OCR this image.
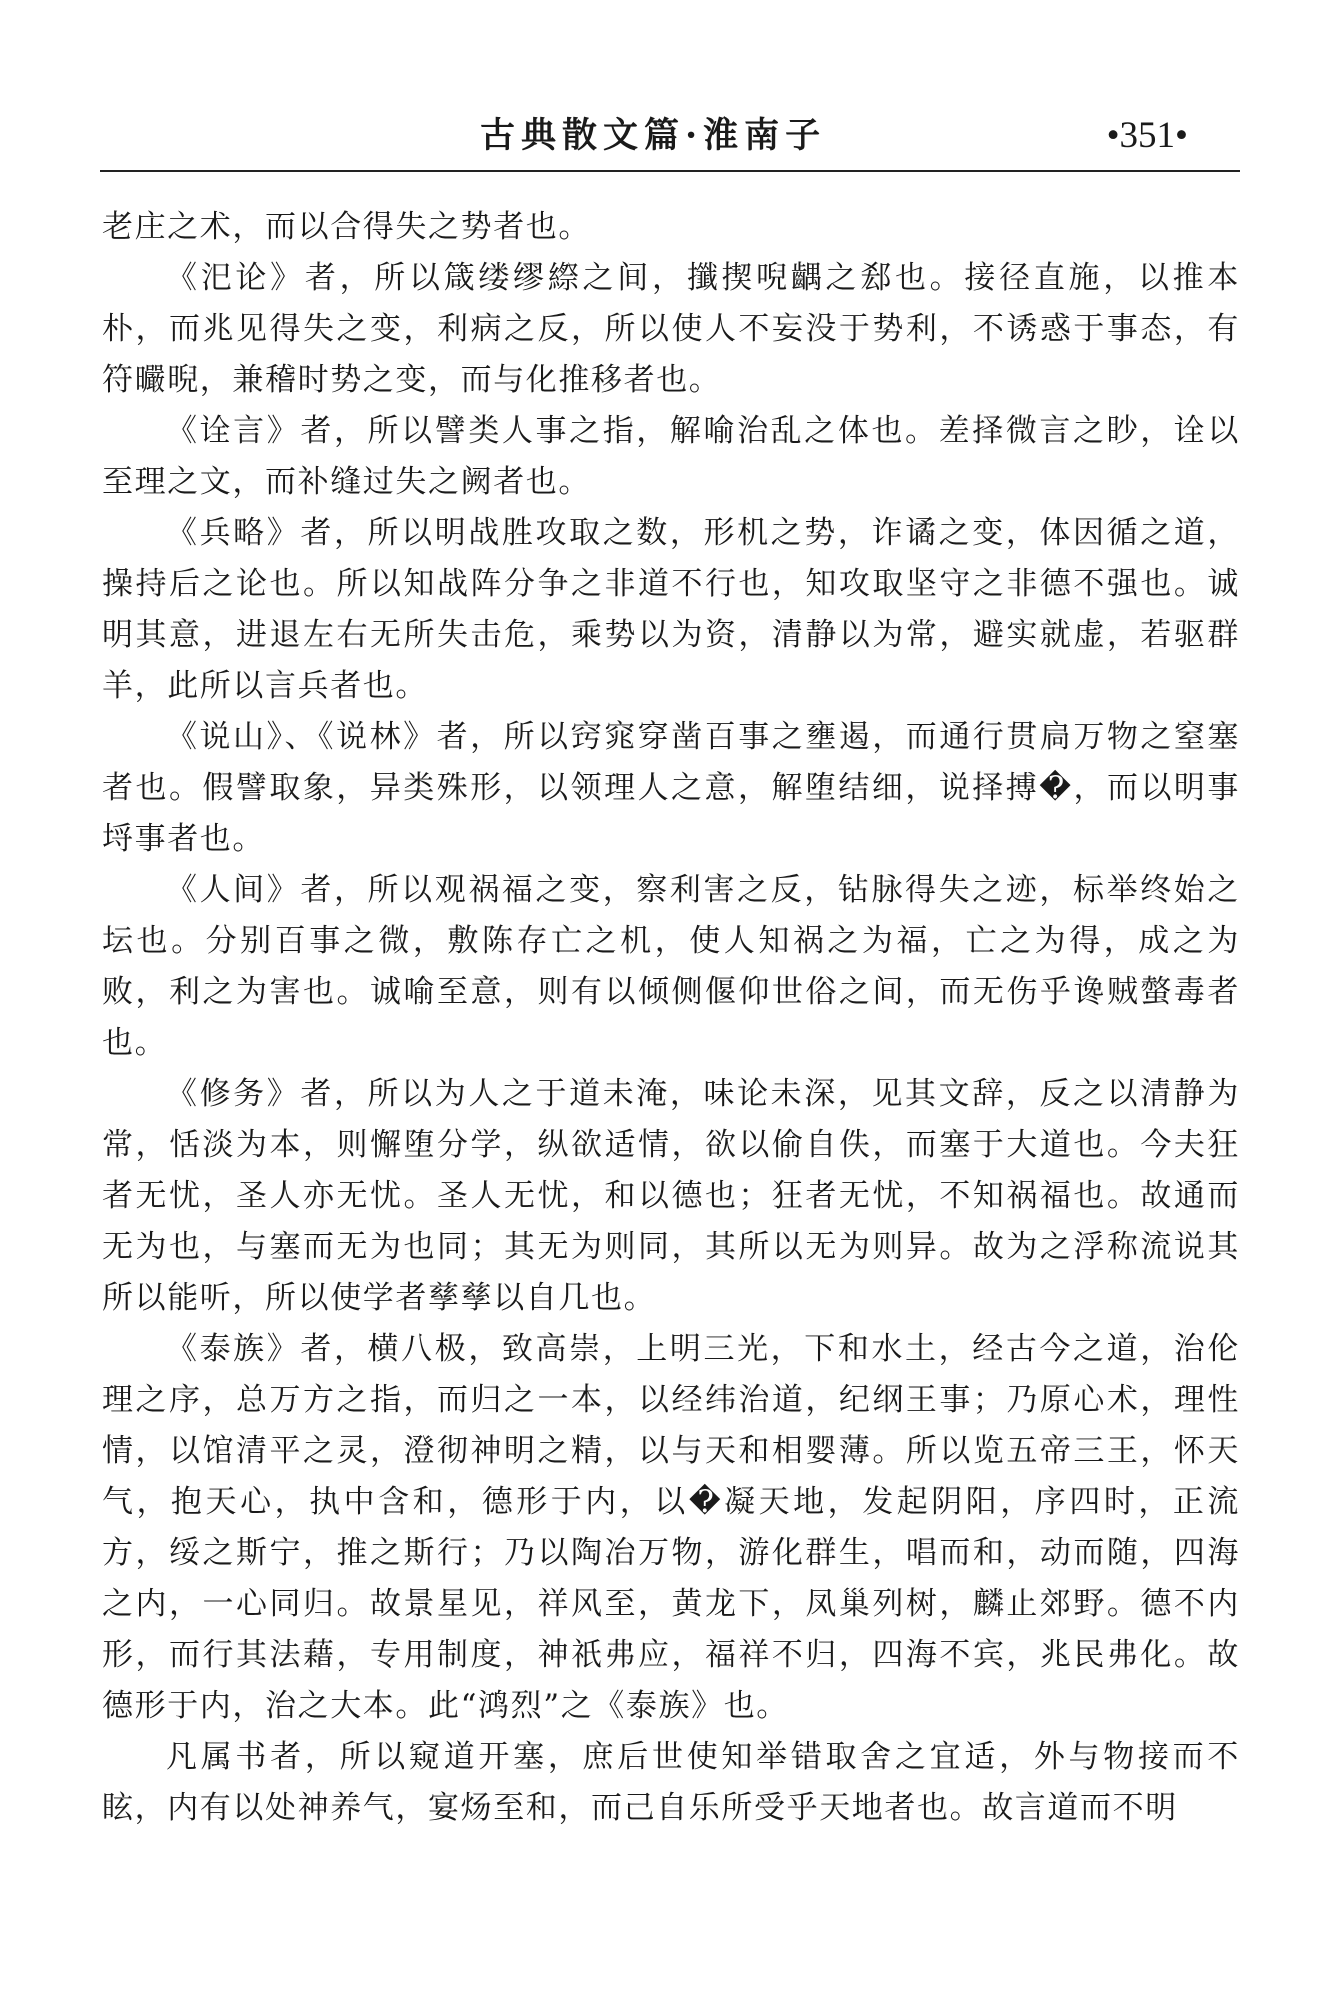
古典散文篇·淮南子	•351•

老庄之术，而以合得失之势者也。

《汜论》者，所以箴缕缪縩之间，攕揳唲齵之郄也。接径直施，以推本朴，而兆见得失之变，利病之反，所以使人不妄没于势利，不诱惑于事态，有符曮晲，兼稽时势之变，而与化推移者也。

《诠言》者，所以譬类人事之指，解喻治乱之体也。差择微言之眇，诠以至理之文，而补缝过失之阙者也。

《兵略》者，所以明战胜攻取之数，形机之势，诈谲之变，体因循之道，操持后之论也。所以知战阵分争之非道不行也，知攻取坚守之非德不强也。诚明其意，进退左右无所失击危，乘势以为资，清静以为常，避实就虚，若驱群羊，此所以言兵者也。

《说山》、《说林》者，所以窍窕穿凿百事之壅遏，而通行贯扃万物之窒塞者也。假譬取象，异类殊形，以领理人之意，解堕结细，说择搏�，而以明事埒事者也。

《人间》者，所以观祸福之变，察利害之反，钻脉得失之迹，标举终始之坛也。分别百事之微，敷陈存亡之机，使人知祸之为福，亡之为得，成之为败，利之为害也。诚喻至意，则有以倾侧偃仰世俗之间，而无伤乎谗贼螫毒者也。

《修务》者，所以为人之于道未淹，味论未深，见其文辞，反之以清静为常，恬淡为本，则懈堕分学，纵欲适情，欲以偷自佚，而塞于大道也。今夫狂者无忧，圣人亦无忧。圣人无忧，和以德也；狂者无忧，不知祸福也。故通而无为也，与塞而无为也同；其无为则同，其所以无为则异。故为之浮称流说其所以能听，所以使学者孳孳以自几也。

《泰族》者，横八极，致高崇，上明三光，下和水土，经古今之道，治伦理之序，总万方之指，而归之一本，以经纬治道，纪纲王事；乃原心术，理性情，以馆清平之灵，澄彻神明之精，以与天和相婴薄。所以览五帝三王，怀天气，抱天心，执中含和，德形于内，以�凝天地，发起阴阳，序四时，正流方，绥之斯宁，推之斯行；乃以陶冶万物，游化群生，唱而和，动而随，四海之内，一心同归。故景星见，祥风至，黄龙下，凤巢列树，麟止郊野。德不内形，而行其法藉，专用制度，神祇弗应，福祥不归，四海不宾，兆民弗化。故德形于内，治之大本。此“鸿烈”之《泰族》也。

凡属书者，所以窥道开塞，庶后世使知举错取舍之宜适，外与物接而不眩，内有以处神养气，宴炀至和，而己自乐所受乎天地者也。故言道而不明
